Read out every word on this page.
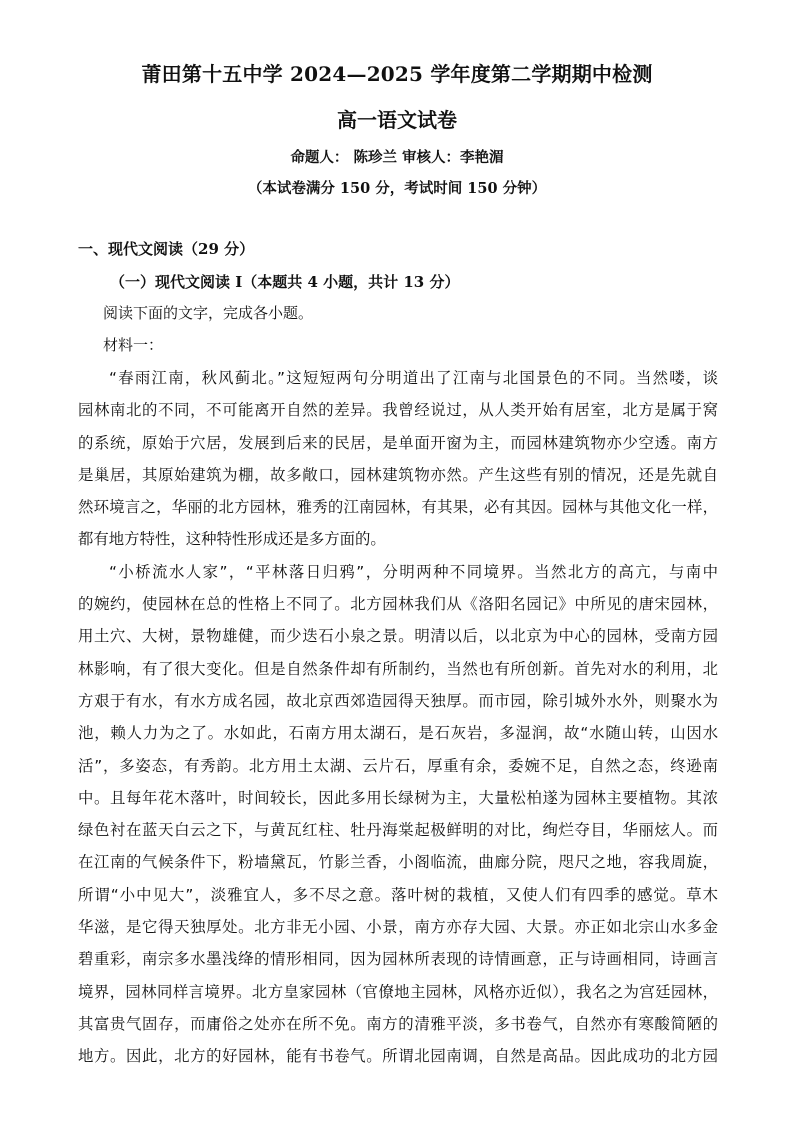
莆田第十五中学 2024—2025 学年度第二学期期中检测
高一语文试卷
命题人： 陈珍兰 审核人：李艳湄
（本试卷满分 150 分，考试时间 150 分钟）
一、现代文阅读（29 分）
（一）现代文阅读 I（本题共 4 小题，共计 13 分）
阅读下面的文字，完成各小题。
材料一：
“春雨江南，秋风蓟北。”这短短两句分明道出了江南与北国景色的不同。当然喽，谈
园林南北的不同，不可能离开自然的差异。我曾经说过，从人类开始有居室，北方是属于窝
的系统，原始于穴居，发展到后来的民居，是单面开窗为主，而园林建筑物亦少空透。南方
是巢居，其原始建筑为棚，故多敞口，园林建筑物亦然。产生这些有别的情况，还是先就自
然环境言之，华丽的北方园林，雅秀的江南园林，有其果，必有其因。园林与其他文化一样，
都有地方特性，这种特性形成还是多方面的。
“小桥流水人家”，“平林落日归鸦”，分明两种不同境界。当然北方的高亢，与南中
的婉约，使园林在总的性格上不同了。北方园林我们从《洛阳名园记》中所见的唐宋园林，
用土穴、大树，景物雄健，而少迭石小泉之景。明清以后，以北京为中心的园林，受南方园
林影响，有了很大变化。但是自然条件却有所制约，当然也有所创新。首先对水的利用，北
方艰于有水，有水方成名园，故北京西郊造园得天独厚。而市园，除引城外水外，则聚水为
池，赖人力为之了。水如此，石南方用太湖石，是石灰岩，多湿润，故“水随山转，山因水
活”，多姿态，有秀韵。北方用土太湖、云片石，厚重有余，委婉不足，自然之态，终逊南
中。且每年花木落叶，时间较长，因此多用长绿树为主，大量松柏遂为园林主要植物。其浓
绿色衬在蓝天白云之下，与黄瓦红柱、牡丹海棠起极鲜明的对比，绚烂夺目，华丽炫人。而
在江南的气候条件下，粉墙黛瓦，竹影兰香，小阁临流，曲廊分院，咫尺之地，容我周旋，
所谓“小中见大”，淡雅宜人，多不尽之意。落叶树的栽植，又使人们有四季的感觉。草木
华滋，是它得天独厚处。北方非无小园、小景，南方亦存大园、大景。亦正如北宗山水多金
碧重彩，南宗多水墨浅绛的情形相同，因为园林所表现的诗情画意，正与诗画相同，诗画言
境界，园林同样言境界。北方皇家园林（官僚地主园林，风格亦近似），我名之为宫廷园林，
其富贵气固存，而庸俗之处亦在所不免。南方的清雅平淡，多书卷气，自然亦有寒酸简陋的
地方。因此，北方的好园林，能有书卷气。所谓北园南调，自然是高品。因此成功的北方园
